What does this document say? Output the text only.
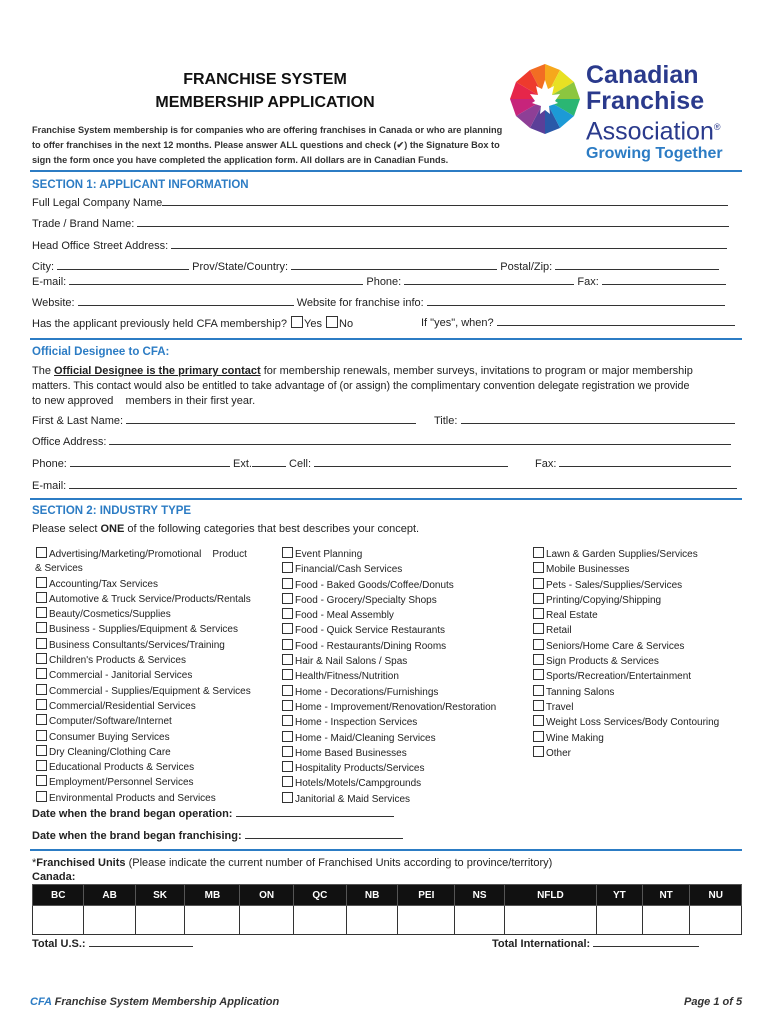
FRANCHISE SYSTEM
MEMBERSHIP APPLICATION
Franchise System membership is for companies who are offering franchises in Canada or who are planning
to offer franchises in the next 12 months. Please answer ALL questions and check (✔) the Signature Box to
sign the form once you have completed the application form. All dollars are in Canadian Funds.
Canadian
Franchise
Association®
Growing Together
SECTION 1: APPLICANT INFORMATION
Full Legal Company Name
Trade / Brand Name:
Head Office Street Address:
City:	Prov/State/Country:	Postal/Zip:
E-mail:	Phone:	Fax:
Website:	Website for franchise info:
Has the applicant previously held CFA membership? Yes No	If "yes", when?
Official Designee to CFA:
The Official Designee is the primary contact for membership renewals, member surveys, invitations to program or major membership
matters. This contact would also be entitled to take advantage of (or assign) the complimentary convention delegate registration we provide
to new approved    members in their first year.
First & Last Name:	Title:
Office Address:
Phone:	Ext.	Cell:	Fax:
E-mail:
SECTION 2: INDUSTRY TYPE
Please select ONE of the following categories that best describes your concept.
Advertising/Marketing/Promotional    Product
& Services
Accounting/Tax Services
Automotive & Truck Service/Products/Rentals
Beauty/Cosmetics/Supplies
Business - Supplies/Equipment & Services
Business Consultants/Services/Training
Children's Products & Services
Commercial - Janitorial Services
Commercial - Supplies/Equipment & Services
Commercial/Residential Services
Computer/Software/Internet
Consumer Buying Services
Dry Cleaning/Clothing Care
Educational Products & Services
Employment/Personnel Services
Environmental Products and Services
Event Planning
Financial/Cash Services
Food - Baked Goods/Coffee/Donuts
Food - Grocery/Specialty Shops
Food - Meal Assembly
Food - Quick Service Restaurants
Food - Restaurants/Dining Rooms
Hair & Nail Salons / Spas
Health/Fitness/Nutrition
Home - Decorations/Furnishings
Home - Improvement/Renovation/Restoration
Home - Inspection Services
Home - Maid/Cleaning Services
Home Based Businesses
Hospitality Products/Services
Hotels/Motels/Campgrounds
Janitorial & Maid Services
Lawn & Garden Supplies/Services
Mobile Businesses
Pets - Sales/Supplies/Services
Printing/Copying/Shipping
Real Estate
Retail
Seniors/Home Care & Services
Sign Products & Services
Sports/Recreation/Entertainment
Tanning Salons
Travel
Weight Loss Services/Body Contouring
Wine Making
Other
Date when the brand began operation:
Date when the brand began franchising:
*Franchised Units (Please indicate the current number of Franchised Units according to province/territory)
Canada:
BC	AB	SK	MB	ON	QC	NB	PEI	NS	NFLD	YT	NT	NU

Total U.S.:	Total International:
CFA Franchise System Membership Application	Page 1 of 5
